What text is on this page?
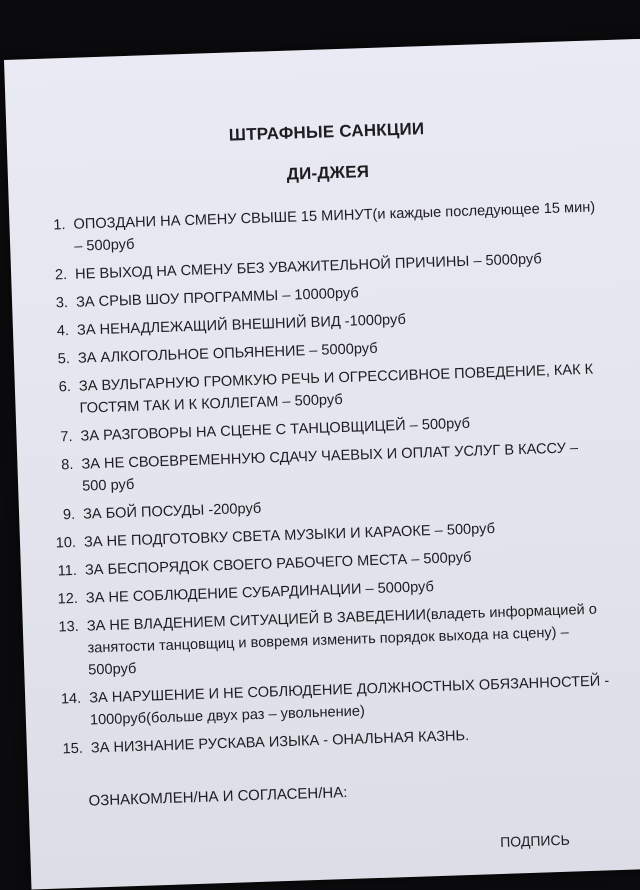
ШТРАФНЫЕ САНКЦИИ
ДИ-ДЖЕЯ
1. ОПОЗДАНИ НА СМЕНУ СВЫШЕ 15 МИНУТ(и каждые последующее 15 мин) – 500руб
2. НЕ ВЫХОД НА СМЕНУ БЕЗ УВАЖИТЕЛЬНОЙ ПРИЧИНЫ – 5000руб
3. ЗА СРЫВ ШОУ ПРОГРАММЫ – 10000руб
4. ЗА НЕНАДЛЕЖАЩИЙ ВНЕШНИЙ ВИД -1000руб
5. ЗА АЛКОГОЛЬНОЕ ОПЬЯНЕНИЕ – 5000руб
6. ЗА ВУЛЬГАРНУЮ ГРОМКУЮ РЕЧЬ И ОГРЕССИВНОЕ ПОВЕДЕНИЕ, КАК К ГОСТЯМ ТАК И К КОЛЛЕГАМ – 500руб
7. ЗА РАЗГОВОРЫ НА СЦЕНЕ С ТАНЦОВЩИЦЕЙ – 500руб
8. ЗА НЕ СВОЕВРЕМЕННУЮ СДАЧУ ЧАЕВЫХ И ОПЛАТ УСЛУГ В КАССУ – 500 руб
9. ЗА БОЙ ПОСУДЫ -200руб
10. ЗА НЕ ПОДГОТОВКУ СВЕТА МУЗЫКИ И КАРАОКЕ – 500руб
11. ЗА БЕСПОРЯДОК СВОЕГО РАБОЧЕГО МЕСТА – 500руб
12. ЗА НЕ СОБЛЮДЕНИЕ СУБАРДИНАЦИИ – 5000руб
13. ЗА НЕ ВЛАДЕНИЕМ СИТУАЦИЕЙ В ЗАВЕДЕНИИ(владеть информацией о занятости танцовщиц и вовремя изменить порядок выхода на сцену) – 500руб
14. ЗА НАРУШЕНИЕ И НЕ СОБЛЮДЕНИЕ ДОЛЖНОСТНЫХ ОБЯЗАННОСТЕЙ - 1000руб(больше двух раз – увольнение)
15. ЗА НИЗНАНИЕ РУСКАВА ИЗЫКА - ОНАЛЬНАЯ КАЗНЬ.
ОЗНАКОМЛЕН/НА И СОГЛАСЕН/НА:
ПОДПИСЬ
